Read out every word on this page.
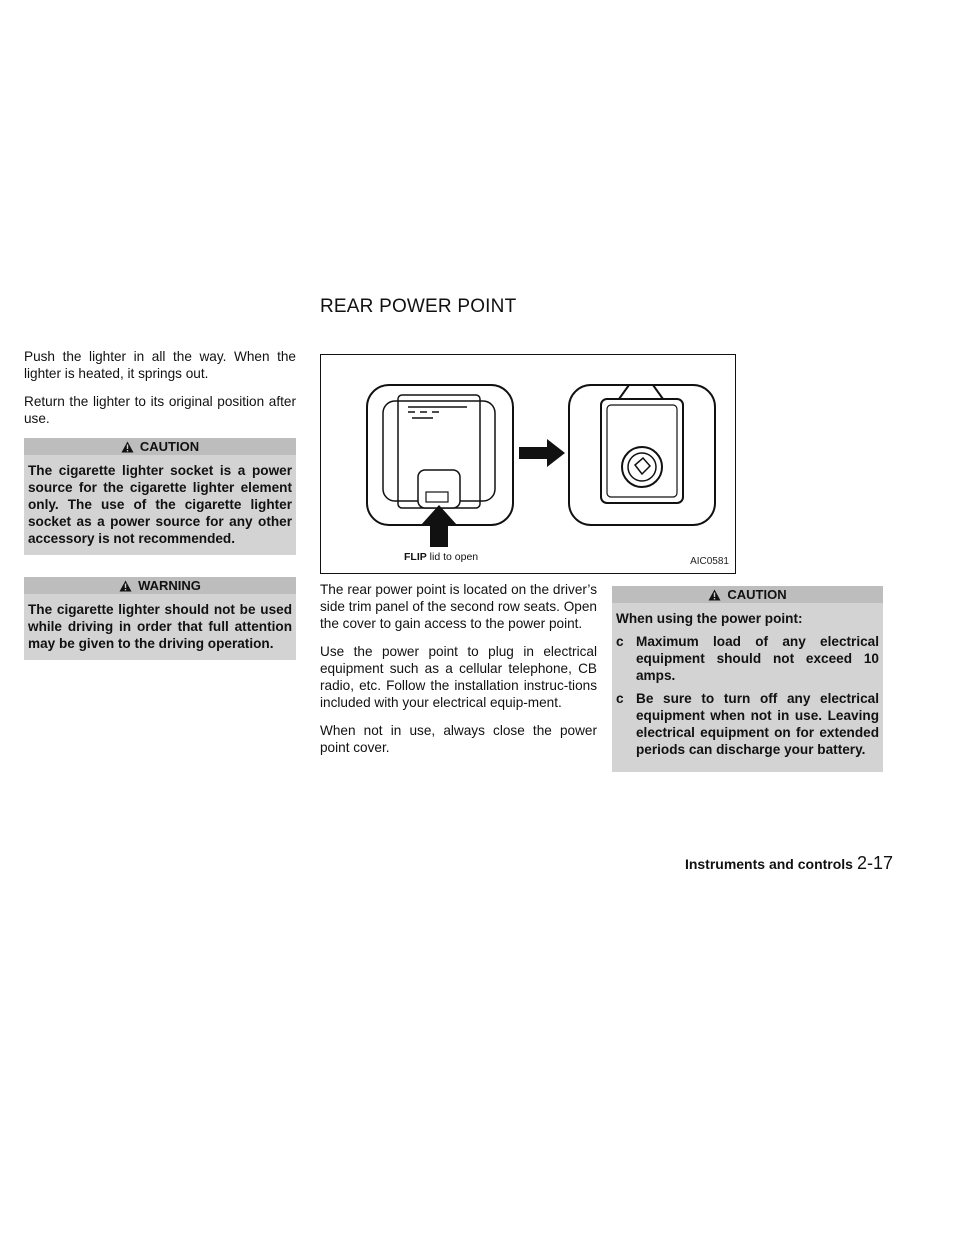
REAR POWER POINT

Push the lighter in all the way. When the lighter is heated, it springs out.

Return the lighter to its original position after use.

CAUTION
The cigarette lighter socket is a power source for the cigarette lighter element only. The use of the cigarette lighter socket as a power source for any other accessory is not recommended.
WARNING
The cigarette lighter should not be used while driving in order that full attention may be given to the driving operation.
FLIP lid to open	AIC0581

The rear power point is located on the driver’s side trim panel of the second row seats. Open the cover to gain access to the power point.

Use the power point to plug in electrical equipment such as a cellular telephone, CB radio, etc. Follow the installation instruc-tions included with your electrical equip-ment.

When not in use, always close the power point cover.

CAUTION
When using the power point:
c Maximum load of any electrical equipment should not exceed 10 amps.
c Be sure to turn off any electrical equipment when not in use. Leaving electrical equipment on for extended periods can discharge your battery.
Instruments and controls 2-17
